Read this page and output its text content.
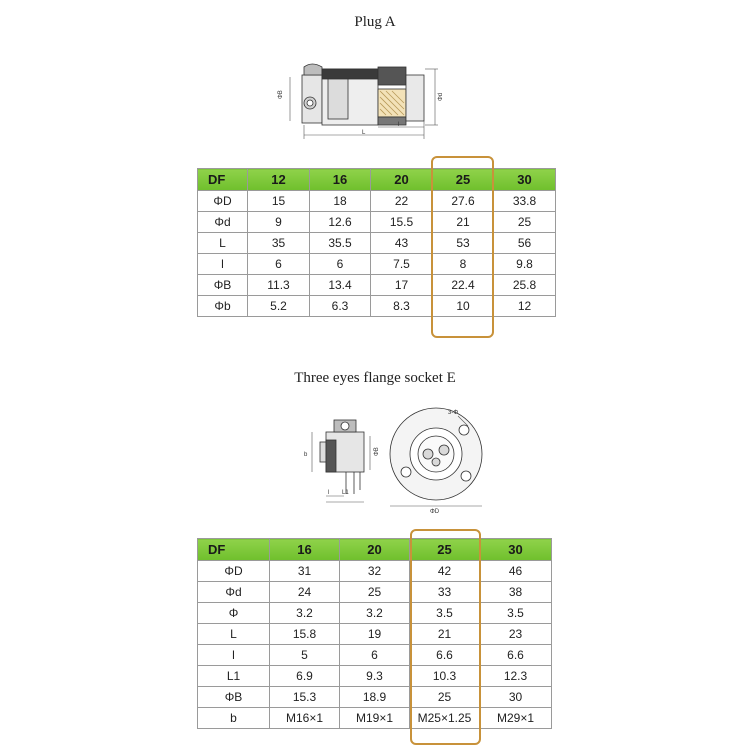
Plug A
ΦB	Φd
L
l
DF	12	16	20	25	30
ΦD	15	18	22	27.6	33.8
Φd	9	12.6	15.5	21	25
L	35	35.5	43	53	56
l	6	6	7.5	8	9.8
ΦB	11.3	13.4	17	22.4	25.8
Φb	5.2	6.3	8.3	10	12
Three eyes flange socket E
3-Φ
b	ΦB
l L1
ΦD
DF	16	20	25	30
ΦD	31	32	42	46
Φd	24	25	33	38
Φ	3.2	3.2	3.5	3.5
L	15.8	19	21	23
l	5	6	6.6	6.6
L1	6.9	9.3	10.3	12.3
ΦB	15.3	18.9	25	30
b	M16×1	M19×1	M25×1.25	M29×1
